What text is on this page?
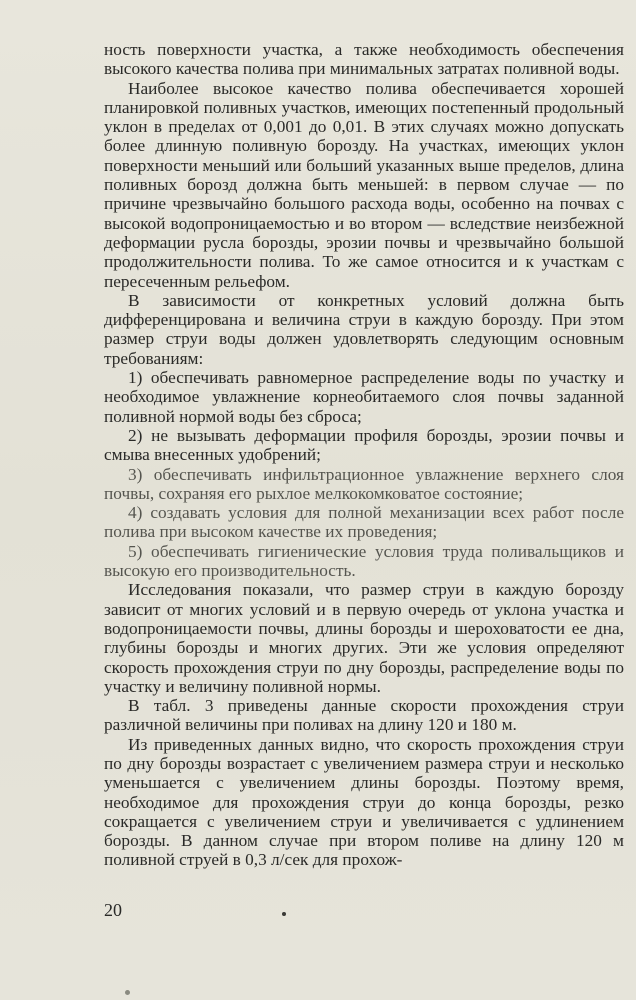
ность поверхности участка, а также необходимость обеспечения высокого качества полива при минимальных затратах поливной воды.

Наиболее высокое качество полива обеспечивается хорошей планировкой поливных участков, имеющих постепенный продольный уклон в пределах от 0,001 до 0,01. В этих случаях можно допускать более длинную поливную борозду. На участках, имеющих уклон поверхности меньший или больший указанных выше пределов, длина поливных борозд должна быть меньшей: в первом случае — по причине чрезвычайно большого расхода воды, особенно на почвах с высокой водопроницаемостью и во втором — вследствие неизбежной деформации русла борозды, эрозии почвы и чрезвычайно большой продолжительности полива. То же самое относится и к участкам с пересеченным рельефом.

В зависимости от конкретных условий должна быть дифференцирована и величина струи в каждую борозду. При этом размер струи воды должен удовлетворять следующим основным требованиям:

1) обеспечивать равномерное распределение воды по участку и необходимое увлажнение корнеобитаемого слоя почвы заданной поливной нормой воды без сброса;

2) не вызывать деформации профиля борозды, эрозии почвы и смыва внесенных удобрений;

3) обеспечивать инфильтрационное увлажнение верхнего слоя почвы, сохраняя его рыхлое мелкокомковатое состояние;

4) создавать условия для полной механизации всех работ после полива при высоком качестве их проведения;

5) обеспечивать гигиенические условия труда поливальщиков и высокую его производительность.

Исследования показали, что размер струи в каждую борозду зависит от многих условий и в первую очередь от уклона участка и водопроницаемости почвы, длины борозды и шероховатости ее дна, глубины борозды и многих других. Эти же условия определяют скорость прохождения струи по дну борозды, распределение воды по участку и величину поливной нормы.

В табл. 3 приведены данные скорости прохождения струи различной величины при поливах на длину 120 и 180 м.

Из приведенных данных видно, что скорость прохождения струи по дну борозды возрастает с увеличением размера струи и несколько уменьшается с увеличением длины борозды. Поэтому время, необходимое для прохождения струи до конца борозды, резко сокращается с увеличением струи и увеличивается с удлинением борозды. В данном случае при втором поливе на длину 120 м поливной струей в 0,3 л/сек для прохож-

20
